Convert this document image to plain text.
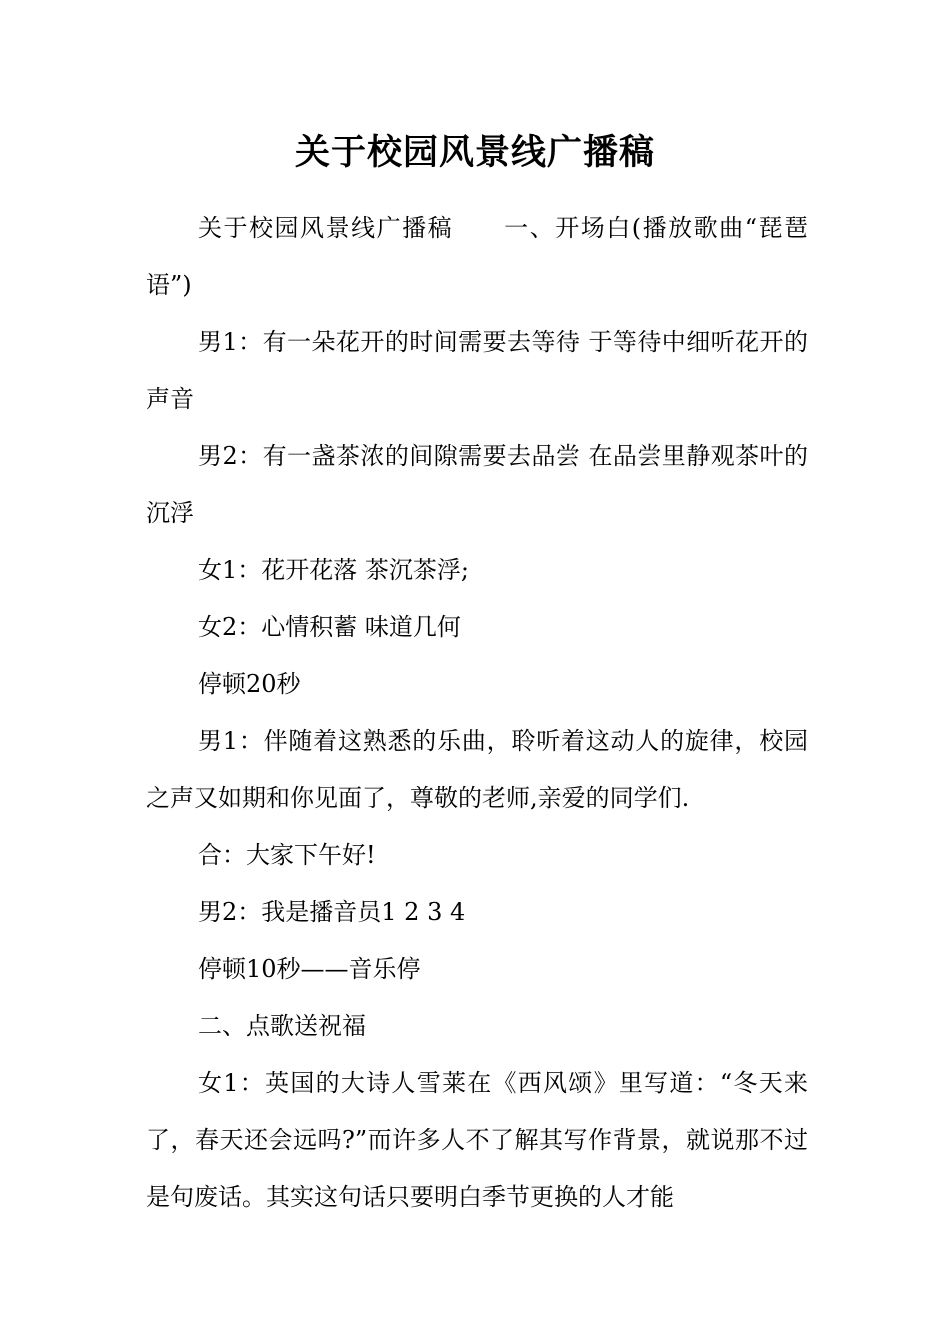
关于校园风景线广播稿

关于校园风景线广播稿　　一、开场白(播放歌曲“琵琶语”)

男1：有一朵花开的时间需要去等待 于等待中细听花开的声音

男2：有一盏茶浓的间隙需要去品尝 在品尝里静观茶叶的沉浮

女1：花开花落 茶沉茶浮;

女2：心情积蓄 味道几何

停顿20秒

男1：伴随着这熟悉的乐曲，聆听着这动人的旋律，校园之声又如期和你见面了，尊敬的老师,亲爱的同学们.

合：大家下午好!

男2：我是播音员1 2 3 4

停顿10秒——音乐停

二、点歌送祝福

女1：英国的大诗人雪莱在《西风颂》里写道：“冬天来了，春天还会远吗?”而许多人不了解其写作背景，就说那不过是句废话。其实这句话只要明白季节更换的人才能
